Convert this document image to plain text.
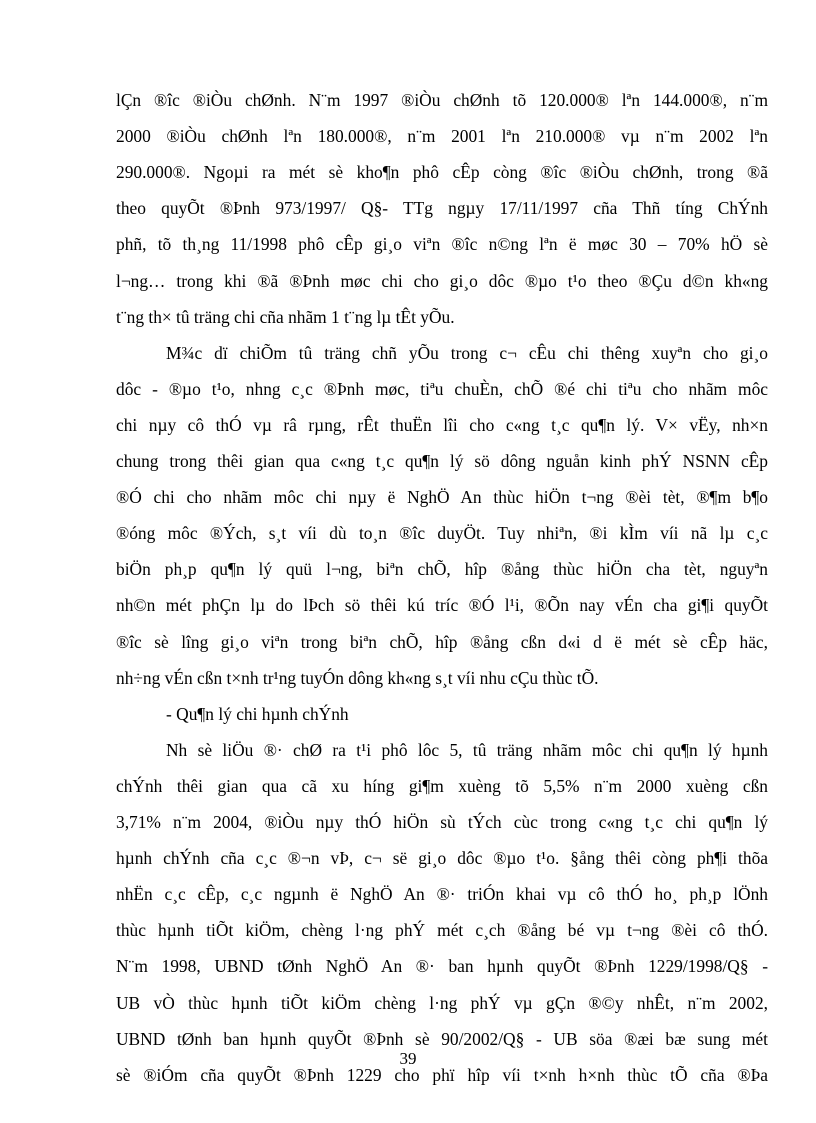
lÇn ®îc ®iÒu chØnh. N¨m 1997 ®iÒu chØnh tõ 120.000® lªn 144.000®, n¨m
2000 ®iÒu chØnh lªn 180.000®, n¨m 2001 lªn 210.000® vµ n¨m 2002 lªn
290.000®. Ngoµi ra mét sè kho¶n phô cÊp còng ®îc ®iÒu chØnh, trong ®ã
theo quyÕt ®Þnh 973/1997/ Q§- TTg ngµy 17/11/1997 cña Thñ tíng ChÝnh
phñ, tõ th¸ng 11/1998 phô cÊp gi¸o viªn ®îc n©ng lªn ë møc 30 – 70% hÖ sè
l¬ng… trong khi ®ã ®Þnh møc chi cho gi¸o dôc ®µo t¹o theo ®Çu d©n kh«ng
t¨ng th× tû träng chi cña nhãm 1 t¨ng lµ tÊt yÕu.
M¾c dï chiÕm tû träng chñ yÕu trong c¬ cÊu chi thêng xuyªn cho gi¸o
dôc - ®µo t¹o, nhng c¸c ®Þnh møc, tiªu chuÈn, chÕ ®é chi tiªu cho nhãm môc
chi nµy cô thÓ vµ râ rµng, rÊt thuËn lîi cho c«ng t¸c qu¶n lý. V× vËy, nh×n
chung trong thêi gian qua c«ng t¸c qu¶n lý sö dông nguån kinh phÝ NSNN cÊp
®Ó chi cho nhãm môc chi nµy ë NghÖ An thùc hiÖn t¬ng ®èi tèt, ®¶m b¶o
®óng môc ®Ých, s¸t víi dù to¸n ®îc duyÖt. Tuy nhiªn, ®i kÌm víi nã lµ c¸c
biÖn ph¸p qu¶n lý quü l¬ng, biªn chÕ, hîp ®ång thùc hiÖn cha tèt, nguyªn
nh©n mét phÇn lµ do lÞch sö thêi kú tríc ®Ó l¹i, ®Õn nay vÉn cha gi¶i quyÕt
®îc sè lîng gi¸o viªn trong biªn chÕ, hîp ®ång cßn d«i d ë mét sè cÊp häc,
nh÷ng vÉn cßn t×nh tr¹ng tuyÓn dông kh«ng s¸t víi nhu cÇu thùc tÕ.
- Qu¶n lý chi hµnh chÝnh
Nh sè liÖu ®· chØ ra t¹i phô lôc 5, tû träng nhãm môc chi qu¶n lý hµnh
chÝnh thêi gian qua cã xu híng gi¶m xuèng tõ 5,5% n¨m 2000 xuèng cßn
3,71% n¨m 2004, ®iÒu nµy thÓ hiÖn sù tÝch cùc trong c«ng t¸c chi qu¶n lý
hµnh chÝnh cña c¸c ®¬n vÞ, c¬ së gi¸o dôc ®µo t¹o. §ång thêi còng ph¶i thõa
nhËn c¸c cÊp, c¸c ngµnh ë NghÖ An ®· triÓn khai vµ cô thÓ ho¸ ph¸p lÖnh
thùc hµnh tiÕt kiÖm, chèng l·ng phÝ mét c¸ch ®ång bé vµ t¬ng ®èi cô thÓ.
N¨m 1998, UBND tØnh NghÖ An ®· ban hµnh quyÕt ®Þnh 1229/1998/Q§ -
UB vÒ thùc hµnh tiÕt kiÖm chèng l·ng phÝ vµ gÇn ®©y nhÊt, n¨m 2002,
UBND tØnh ban hµnh quyÕt ®Þnh sè 90/2002/Q§ - UB söa ®æi bæ sung mét
sè ®iÓm cña quyÕt ®Þnh 1229 cho phï hîp víi t×nh h×nh thùc tÕ cña ®Þa
39
